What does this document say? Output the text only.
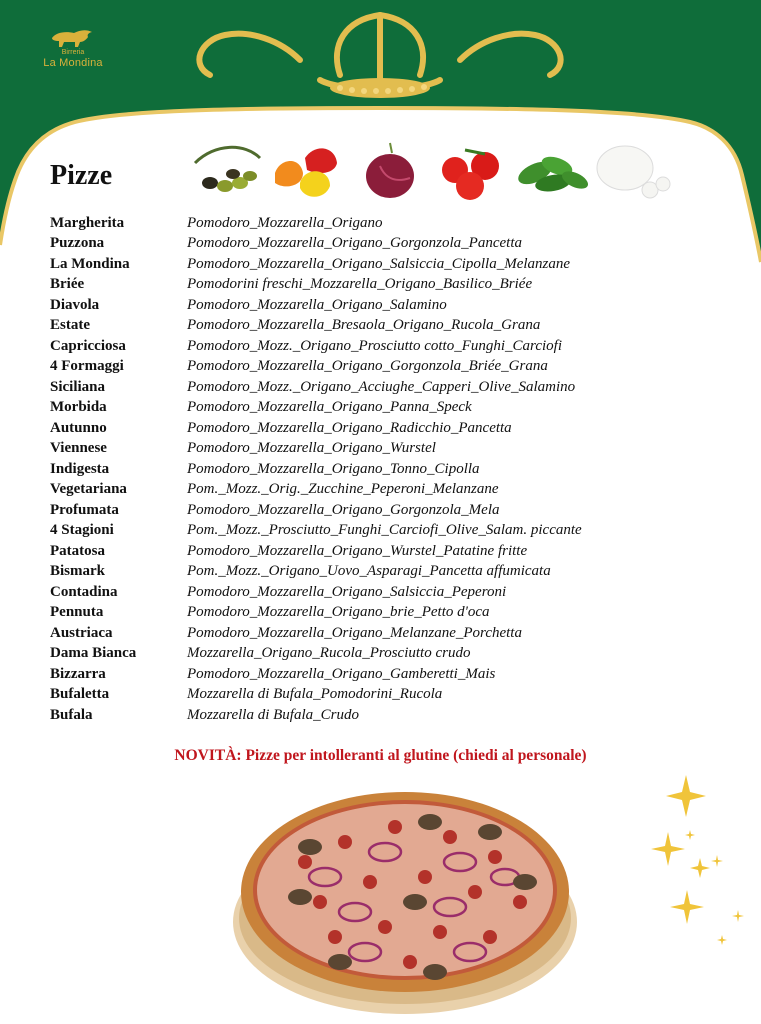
Birreria
La Mondina
Pizze
Margherita	Pomodoro_Mozzarella_Origano
Puzzona	Pomodoro_Mozzarella_Origano_Gorgonzola_Pancetta
La Mondina	Pomodoro_Mozzarella_Origano_Salsiccia_Cipolla_Melanzane
Briée	Pomodorini freschi_Mozzarella_Origano_Basilico_Briée
Diavola	Pomodoro_Mozzarella_Origano_Salamino
Estate	Pomodoro_Mozzarella_Bresaola_Origano_Rucola_Grana
Capricciosa	Pomodoro_Mozz._Origano_Prosciutto cotto_Funghi_Carciofi
4 Formaggi	Pomodoro_Mozzarella_Origano_Gorgonzola_Briée_Grana
Siciliana	Pomodoro_Mozz._Origano_Acciughe_Capperi_Olive_Salamino
Morbida	Pomodoro_Mozzarella_Origano_Panna_Speck
Autunno	Pomodoro_Mozzarella_Origano_Radicchio_Pancetta
Viennese	Pomodoro_Mozzarella_Origano_Wurstel
Indigesta	Pomodoro_Mozzarella_Origano_Tonno_Cipolla
Vegetariana	Pom._Mozz._Orig._Zucchine_Peperoni_Melanzane
Profumata	Pomodoro_Mozzarella_Origano_Gorgonzola_Mela
4 Stagioni	Pom._Mozz._Prosciutto_Funghi_Carciofi_Olive_Salam. piccante
Patatosa	Pomodoro_Mozzarella_Origano_Wurstel_Patatine fritte
Bismark	Pom._Mozz._Origano_Uovo_Asparagi_Pancetta affumicata
Contadina	Pomodoro_Mozzarella_Origano_Salsiccia_Peperoni
Pennuta	Pomodoro_Mozzarella_Origano_brie_Petto d'oca
Austriaca	Pomodoro_Mozzarella_Origano_Melanzane_Porchetta
Dama Bianca	Mozzarella_Origano_Rucola_Prosciutto crudo
Bizzarra	Pomodoro_Mozzarella_Origano_Gamberetti_Mais
Bufaletta	Mozzarella di Bufala_Pomodorini_Rucola
Bufala	Mozzarella di Bufala_Crudo
NOVITÀ: Pizze per intolleranti al glutine (chiedi al personale)
